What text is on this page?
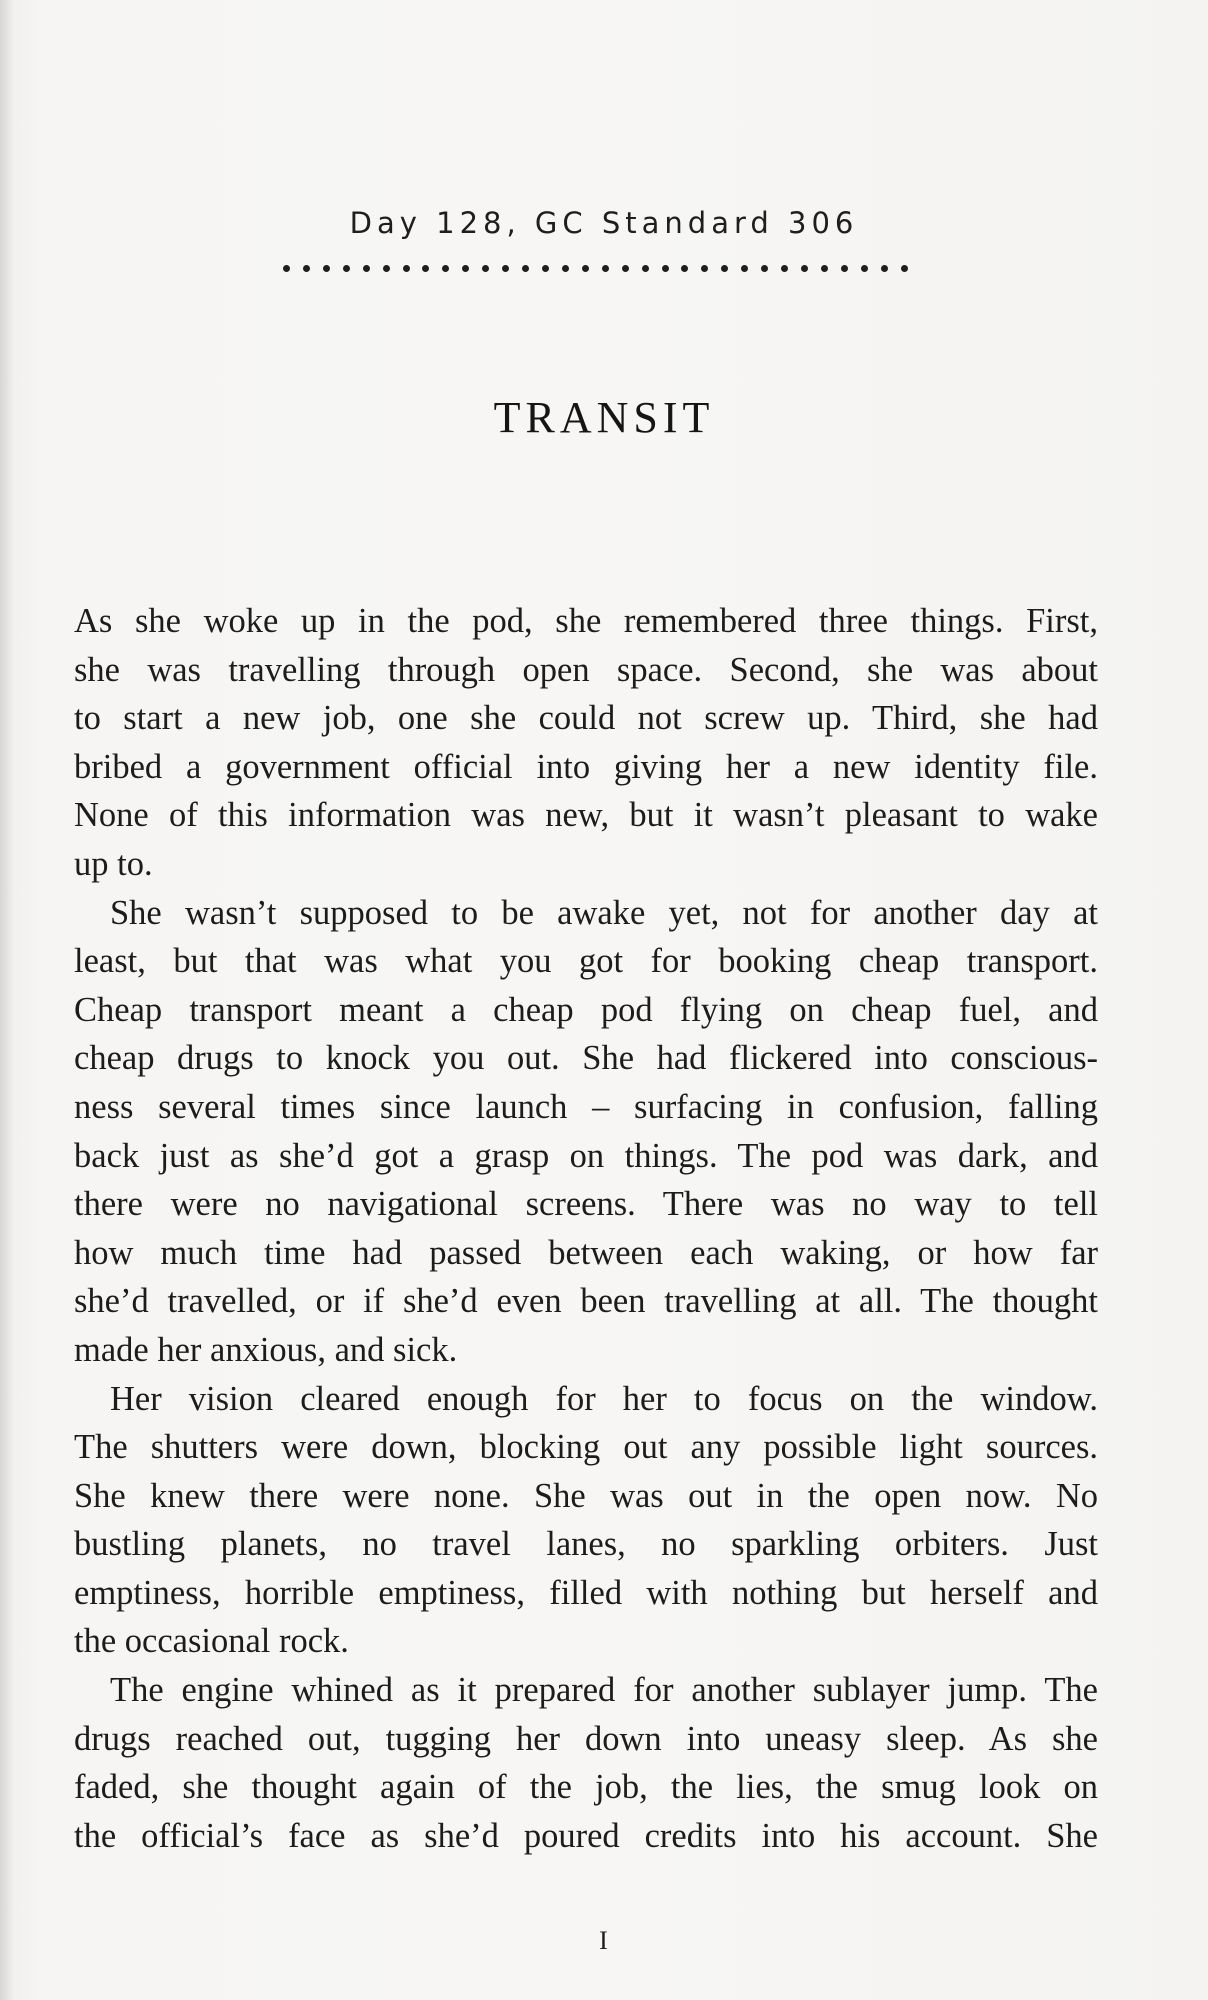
Day 128, GC Standard 306
TRANSIT

As she woke up in the pod, she remembered three things. First,
she was travelling through open space. Second, she was about
to start a new job, one she could not screw up. Third, she had
bribed a government official into giving her a new identity file.
None of this information was new, but it wasn’t pleasant to wake
up to.

She wasn’t supposed to be awake yet, not for another day at
least, but that was what you got for booking cheap transport.
Cheap transport meant a cheap pod flying on cheap fuel, and
cheap drugs to knock you out. She had flickered into conscious-
ness several times since launch – surfacing in confusion, falling
back just as she’d got a grasp on things. The pod was dark, and
there were no navigational screens. There was no way to tell
how much time had passed between each waking, or how far
she’d travelled, or if she’d even been travelling at all. The thought
made her anxious, and sick.

Her vision cleared enough for her to focus on the window.
The shutters were down, blocking out any possible light sources.
She knew there were none. She was out in the open now. No
bustling planets, no travel lanes, no sparkling orbiters. Just
emptiness, horrible emptiness, filled with nothing but herself and
the occasional rock.

The engine whined as it prepared for another sublayer jump. The
drugs reached out, tugging her down into uneasy sleep. As she
faded, she thought again of the job, the lies, the smug look on
the official’s face as she’d poured credits into his account. She

I
